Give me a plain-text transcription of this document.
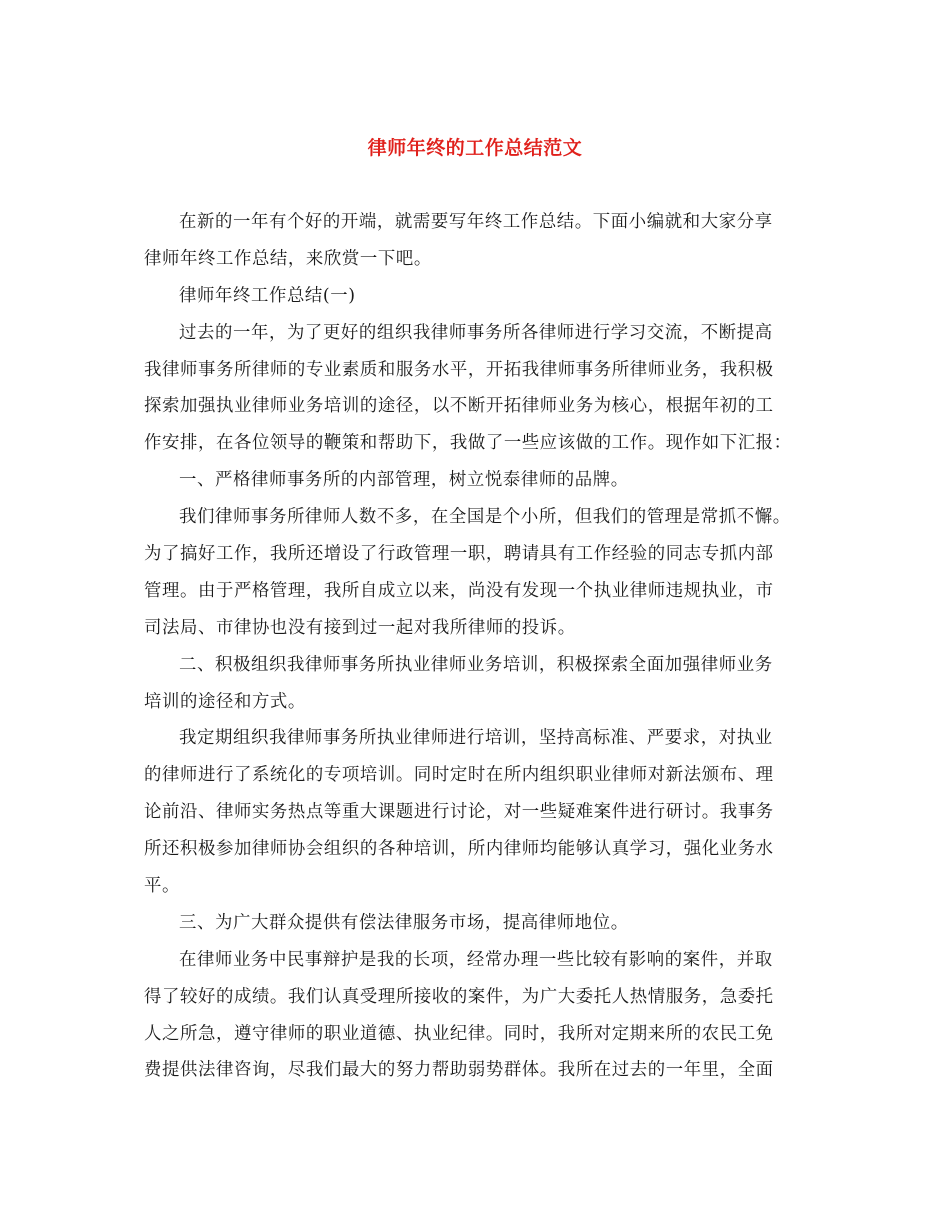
律师年终的工作总结范文
在新的一年有个好的开端，就需要写年终工作总结。下面小编就和大家分享
律师年终工作总结，来欣赏一下吧。
律师年终工作总结(一)
过去的一年，为了更好的组织我律师事务所各律师进行学习交流，不断提高
我律师事务所律师的专业素质和服务水平，开拓我律师事务所律师业务，我积极
探索加强执业律师业务培训的途径，以不断开拓律师业务为核心，根据年初的工
作安排，在各位领导的鞭策和帮助下，我做了一些应该做的工作。现作如下汇报：
一、严格律师事务所的内部管理，树立悦泰律师的品牌。
我们律师事务所律师人数不多，在全国是个小所，但我们的管理是常抓不懈。
为了搞好工作，我所还增设了行政管理一职，聘请具有工作经验的同志专抓内部
管理。由于严格管理，我所自成立以来，尚没有发现一个执业律师违规执业，市
司法局、市律协也没有接到过一起对我所律师的投诉。
二、积极组织我律师事务所执业律师业务培训，积极探索全面加强律师业务
培训的途径和方式。
我定期组织我律师事务所执业律师进行培训，坚持高标准、严要求，对执业
的律师进行了系统化的专项培训。同时定时在所内组织职业律师对新法颁布、理
论前沿、律师实务热点等重大课题进行讨论，对一些疑难案件进行研讨。我事务
所还积极参加律师协会组织的各种培训，所内律师均能够认真学习，强化业务水
平。
三、为广大群众提供有偿法律服务市场，提高律师地位。
在律师业务中民事辩护是我的长项，经常办理一些比较有影响的案件，并取
得了较好的成绩。我们认真受理所接收的案件，为广大委托人热情服务，急委托
人之所急，遵守律师的职业道德、执业纪律。同时，我所对定期来所的农民工免
费提供法律咨询，尽我们最大的努力帮助弱势群体。我所在过去的一年里，全面
